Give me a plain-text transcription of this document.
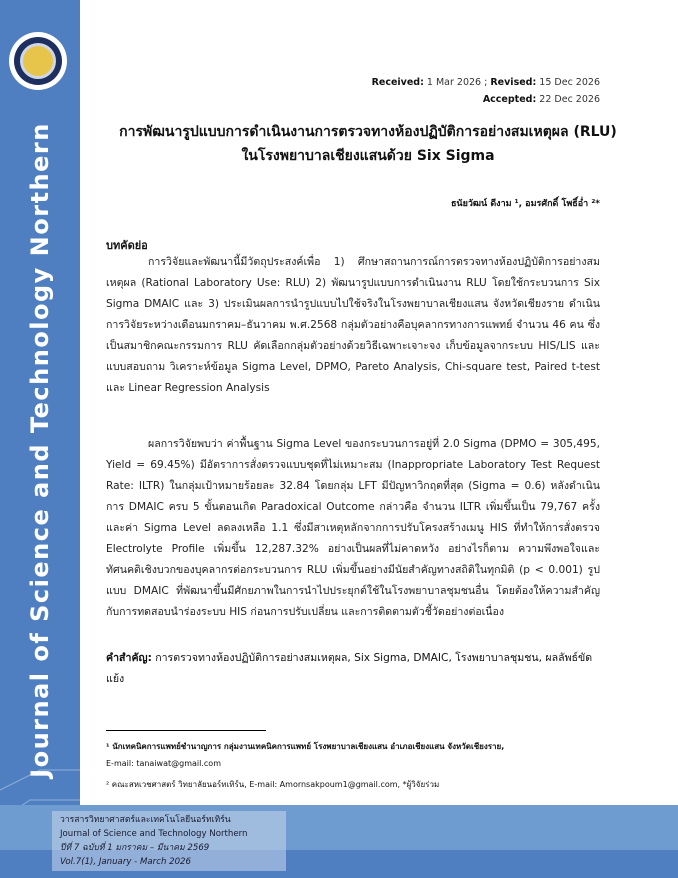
Journal of Science and Technology Northern
Received: 1 Mar 2026 ; Revised: 15 Dec 2026
Accepted: 22 Dec 2026
การพัฒนารูปแบบการดำเนินงานการตรวจทางห้องปฏิบัติการอย่างสมเหตุผล (RLU)
ในโรงพยาบาลเชียงแสนด้วย Six Sigma
ธนัยวัฒน์ ดีงาม ¹, อมรศักดิ์ โพธิ์อ่ำ ²*
บทคัดย่อ
การวิจัยและพัฒนานี้มีวัตถุประสงค์เพื่อ 1) ศึกษาสถานการณ์การตรวจทางห้องปฏิบัติการอย่างสมเหตุผล (Rational Laboratory Use: RLU) 2) พัฒนารูปแบบการดำเนินงาน RLU โดยใช้กระบวนการ Six Sigma DMAIC และ 3) ประเมินผลการนำรูปแบบไปใช้จริงในโรงพยาบาลเชียงแสน จังหวัดเชียงราย ดำเนินการวิจัยระหว่างเดือนมกราคม–ธันวาคม พ.ศ.2568 กลุ่มตัวอย่างคือบุคลากรทางการแพทย์ จำนวน 46 คน ซึ่งเป็นสมาชิกคณะกรรมการ RLU คัดเลือกกลุ่มตัวอย่างด้วยวิธีเฉพาะเจาะจง เก็บข้อมูลจากระบบ HIS/LIS และแบบสอบถาม วิเคราะห์ข้อมูล Sigma Level, DPMO, Pareto Analysis, Chi-square test, Paired t-test และ Linear Regression Analysis
ผลการวิจัยพบว่า ค่าพื้นฐาน Sigma Level ของกระบวนการอยู่ที่ 2.0 Sigma (DPMO = 305,495, Yield = 69.45%) มีอัตราการสั่งตรวจแบบชุดที่ไม่เหมาะสม (Inappropriate Laboratory Test Request Rate: ILTR) ในกลุ่มเป้าหมายร้อยละ 32.84 โดยกลุ่ม LFT มีปัญหาวิกฤตที่สุด (Sigma = 0.6) หลังดำเนินการ DMAIC ครบ 5 ขั้นตอนเกิด Paradoxical Outcome กล่าวคือ จำนวน ILTR เพิ่มขึ้นเป็น 79,767 ครั้ง และค่า Sigma Level ลดลงเหลือ 1.1 ซึ่งมีสาเหตุหลักจากการปรับโครงสร้างเมนู HIS ที่ทำให้การสั่งตรวจ Electrolyte Profile เพิ่มขึ้น 12,287.32% อย่างเป็นผลที่ไม่คาดหวัง อย่างไรก็ตาม ความพึงพอใจและทัศนคติเชิงบวกของบุคลากรต่อกระบวนการ RLU เพิ่มขึ้นอย่างมีนัยสำคัญทางสถิติในทุกมิติ (p < 0.001) รูปแบบ DMAIC ที่พัฒนาขึ้นมีศักยภาพในการนำไปประยุกต์ใช้ในโรงพยาบาลชุมชนอื่น โดยต้องให้ความสำคัญกับการทดสอบนำร่องระบบ HIS ก่อนการปรับเปลี่ยน และการติดตามตัวชี้วัดอย่างต่อเนื่อง
คำสำคัญ: การตรวจทางห้องปฏิบัติการอย่างสมเหตุผล, Six Sigma, DMAIC, โรงพยาบาลชุมชน, ผลลัพธ์ขัดแย้ง
¹ นักเทคนิคการแพทย์ชำนาญการ กลุ่มงานเทคนิคการแพทย์ โรงพยาบาลเชียงแสน อำเภอเชียงแสน จังหวัดเชียงราย,
E-mail: tanaiwat@gmail.com
² คณะสหเวชศาสตร์ วิทยาลัยนอร์ทเทิร์น, E-mail: Amornsakpoum1@gmail.com, *ผู้วิจัยร่วม
วารสารวิทยาศาสตร์และเทคโนโลยีนอร์ทเทิร์น
Journal of Science and Technology Northern
ปีที่ 7 ฉบับที่ 1 มกราคม – มีนาคม 2569
Vol.7(1), January - March 2026
